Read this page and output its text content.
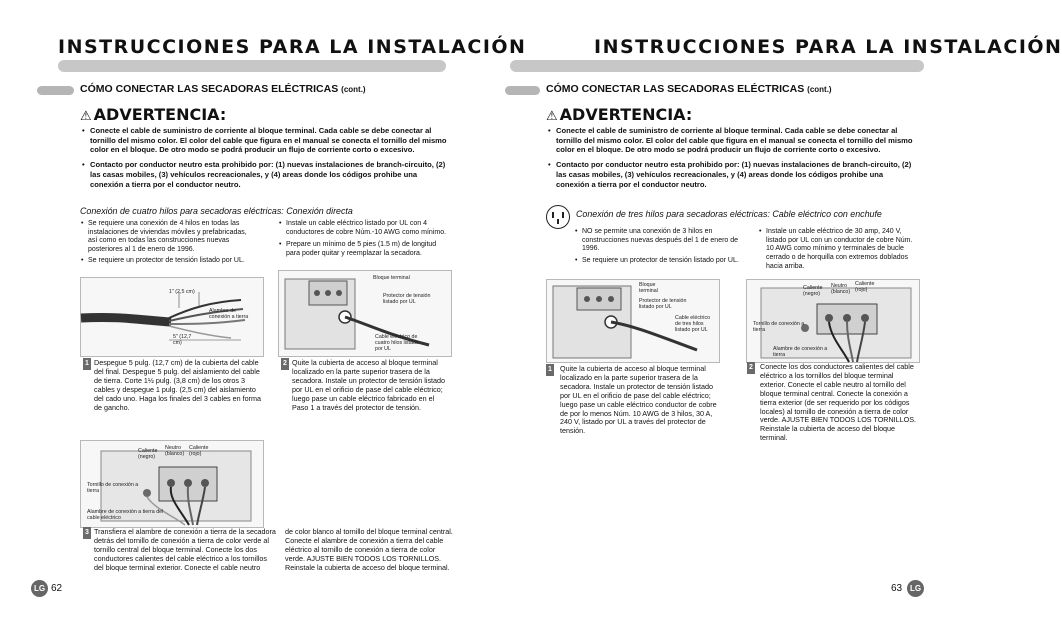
INSTRUCCIONES PARA LA INSTALACIÓN
CÓMO CONECTAR LAS SECADORAS ELÉCTRICAS (cont.)
⚠ ADVERTENCIA:

• Conecte el cable de suministro de corriente al bloque terminal. Cada cable se debe conectar al tornillo del mismo color. El color del cable que figura en el manual se conecta el tornillo del mismo color en el bloque. De otro modo se podrá producir un flujo de corriente corto o excesivo.

• Contacto por conductor neutro esta prohibido por: (1) nuevas instalaciones de branch-circuito, (2) las casas mobiles, (3) vehículos recreacionales, y (4) areas donde los códigos prohibe una conexión a tierra por el conductor neutro.

Conexión de cuatro hilos para secadoras eléctricas: Conexión directa

• Se requiere una conexión de 4 hilos en todas las instalaciones de viviendas móviles y prefabricadas, así como en todas las construcciones nuevas posteriores al 1 de enero de 1996.

• Se requiere un protector de tensión listado por UL.

• Instale un cable eléctrico listado por UL con 4 conductores de cobre Núm.-10 AWG como mínimo.

• Prepare un mínimo de 5 pies (1.5 m) de longitud para poder quitar y reemplazar la secadora.

1" (2,5 cm)
Alambre de conexión a tierra
5" (12,7 cm)
Bloque terminal
Protector de tensión listado por UL
Cable eléctrico de cuatro hilos listado por UL
1 Despegue 5 pulg. (12,7 cm) de la cubierta del cable del final. Despegue 5 pulg. del aislamiento del cable de tierra. Corte 1½ pulg. (3,8 cm) de los otros 3 cables y despegue 1 pulg. (2,5 cm) del aislamiento del cado uno. Haga los finales del 3 cables en forma de gancho.

2 Quite la cubierta de acceso al bloque terminal localizado en la parte superior trasera de la secadora. Instale un protector de tensión listado por UL en el orificio de pase del cable eléctrico; luego pase un cable eléctrico fabricado en el Paso 1 a través del protector de tensión.

Caliente (negro)
Neutro (blanco)
Caliente (rojo)
Tornillo de conexión a tierra
Alambre de conexión a tierra del cable eléctrico
3 Transfiera el alambre de conexión a tierra de la secadora detrás del tornillo de conexión a tierra de color verde al tornillo central del bloque terminal. Conecte los dos conductores calientes del cable eléctrico a los tornillos del bloque terminal exterior. Conecte el cable neutro

de color blanco al tornillo del bloque terminal central. Conecte el alambre de conexión a tierra del cable eléctrico al tornillo de conexión a tierra de color verde. AJUSTE BIEN TODOS LOS TORNILLOS. Reinstale la cubierta de acceso del bloque terminal.

LG 62
INSTRUCCIONES PARA LA INSTALACIÓN
CÓMO CONECTAR LAS SECADORAS ELÉCTRICAS (cont.)
⚠ ADVERTENCIA:

• Conecte el cable de suministro de corriente al bloque terminal. Cada cable se debe conectar al tornillo del mismo color. El color del cable que figura en el manual se conecta el tornillo del mismo color en el bloque. De otro modo se podrá producir un flujo de corriente corto o excesivo.

• Contacto por conductor neutro esta prohibido por: (1) nuevas instalaciones de branch-circuito, (2) las casas mobiles, (3) vehículos recreacionales, y (4) areas donde los códigos prohibe una conexión a tierra por el conductor neutro.

Conexión de tres hilos para secadoras eléctricas: Cable eléctrico con enchufe

• NO se permite una conexión de 3 hilos en construcciones nuevas después del 1 de enero de 1996.

• Se requiere un protector de tensión listado por UL.

• Instale un cable eléctrico de 30 amp, 240 V, listado por UL con un conductor de cobre Núm. 10 AWG como mínimo y terminales de bucle cerrado o de horquilla con extremos doblados hacia arriba.

Bloque terminal
Protector de tensión listado por UL
Cable eléctrico de tres hilos listado por UL
Caliente (negro)
Neutro (blanco)
Caliente (rojo)
Tornillo de conexión a tierra
Alambre de conexión a tierra
1 Quite la cubierta de acceso al bloque terminal localizado en la parte superior trasera de la secadora. Instale un protector de tensión listado por UL en el orificio de pase del cable eléctrico; luego pase un cable eléctrico conductor de cobre de por lo menos Núm. 10 AWG de 3 hilos, 30 A, 240 V, listado por UL a través del protector de tensión.

2 Conecte los dos conductores calientes del cable eléctrico a los tornillos del bloque terminal exterior. Conecte el cable neutro al tornillo del bloque terminal central. Conecte la conexión a tierra exterior (de ser requerido por los códigos locales) al tornillo de conexión a tierra de color verde. AJUSTE BIEN TODOS LOS TORNILLOS. Reinstale la cubierta de acceso del bloque terminal.

63 LG
